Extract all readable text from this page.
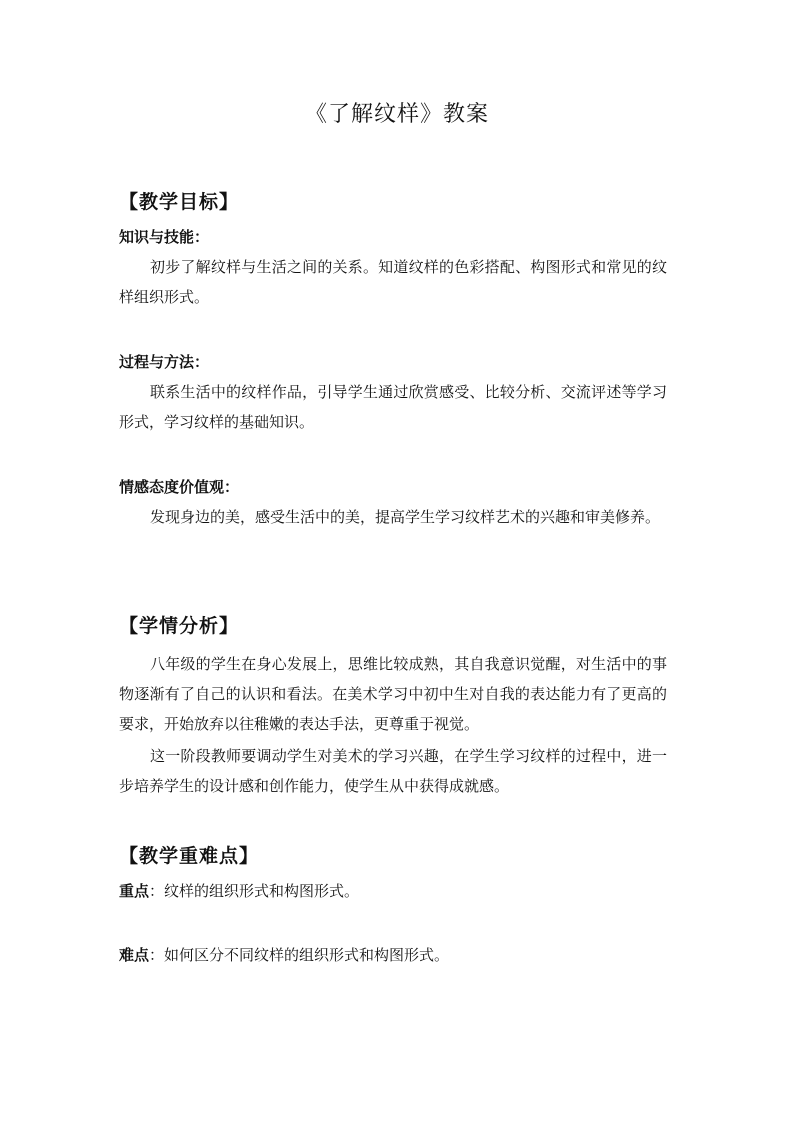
《了解纹样》教案
【教学目标】
知识与技能：

初步了解纹样与生活之间的关系。知道纹样的色彩搭配、构图形式和常见的纹样组织形式。

过程与方法：

联系生活中的纹样作品，引导学生通过欣赏感受、比较分析、交流评述等学习形式，学习纹样的基础知识。

情感态度价值观：

发现身边的美，感受生活中的美，提高学生学习纹样艺术的兴趣和审美修养。

【学情分析】

八年级的学生在身心发展上，思维比较成熟，其自我意识觉醒，对生活中的事物逐渐有了自己的认识和看法。在美术学习中初中生对自我的表达能力有了更高的要求，开始放弃以往稚嫩的表达手法，更尊重于视觉。

这一阶段教师要调动学生对美术的学习兴趣，在学生学习纹样的过程中，进一步培养学生的设计感和创作能力，使学生从中获得成就感。

【教学重难点】
重点：纹样的组织形式和构图形式。
难点：如何区分不同纹样的组织形式和构图形式。
